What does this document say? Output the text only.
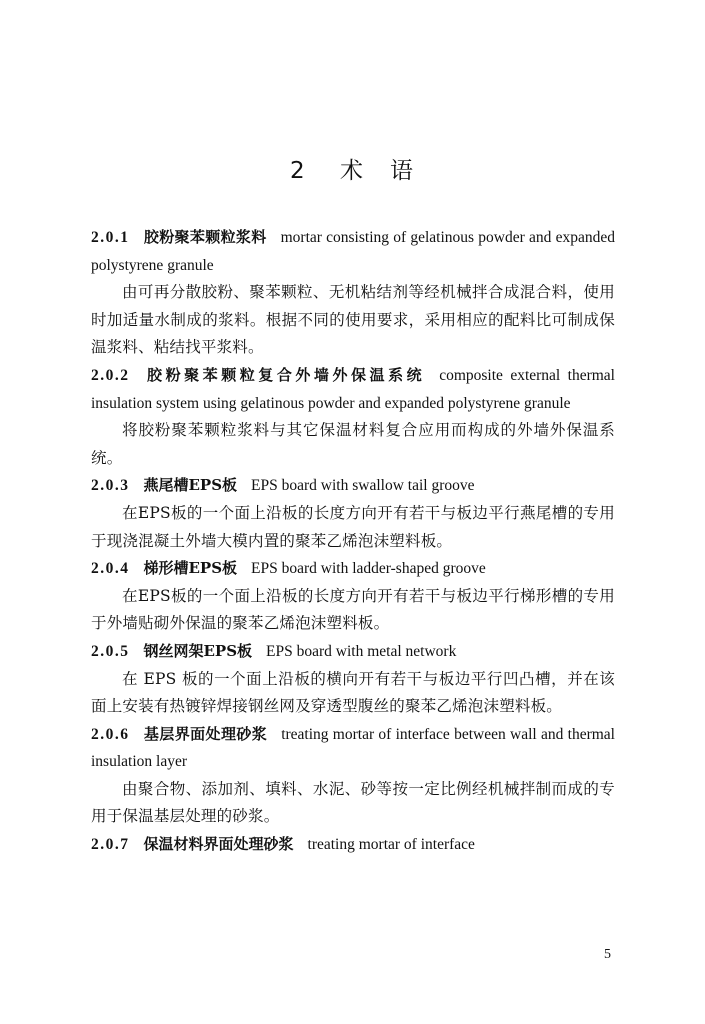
2 术　语
2.0.1 胶粉聚苯颗粒浆料 mortar consisting of gelatinous powder and expanded polystyrene granule
由可再分散胶粉、聚苯颗粒、无机粘结剂等经机械拌合成混合料，使用时加适量水制成的浆料。根据不同的使用要求，采用相应的配料比可制成保温浆料、粘结找平浆料。
2.0.2 胶粉聚苯颗粒复合外墙外保温系统 composite external thermal insulation system using gelatinous powder and expanded polystyrene granule
将胶粉聚苯颗粒浆料与其它保温材料复合应用而构成的外墙外保温系统。
2.0.3 燕尾槽EPS板 EPS board with swallow tail groove
在EPS板的一个面上沿板的长度方向开有若干与板边平行燕尾槽的专用于现浇混凝土外墙大模内置的聚苯乙烯泡沫塑料板。
2.0.4 梯形槽EPS板 EPS board with ladder-shaped groove
在EPS板的一个面上沿板的长度方向开有若干与板边平行梯形槽的专用于外墙贴砌外保温的聚苯乙烯泡沫塑料板。
2.0.5 钢丝网架EPS板 EPS board with metal network
在 EPS 板的一个面上沿板的横向开有若干与板边平行凹凸槽，并在该面上安装有热镀锌焊接钢丝网及穿透型腹丝的聚苯乙烯泡沫塑料板。
2.0.6 基层界面处理砂浆 treating mortar of interface between wall and thermal insulation layer
由聚合物、添加剂、填料、水泥、砂等按一定比例经机械拌制而成的专用于保温基层处理的砂浆。
2.0.7 保温材料界面处理砂浆 treating mortar of interface
5
